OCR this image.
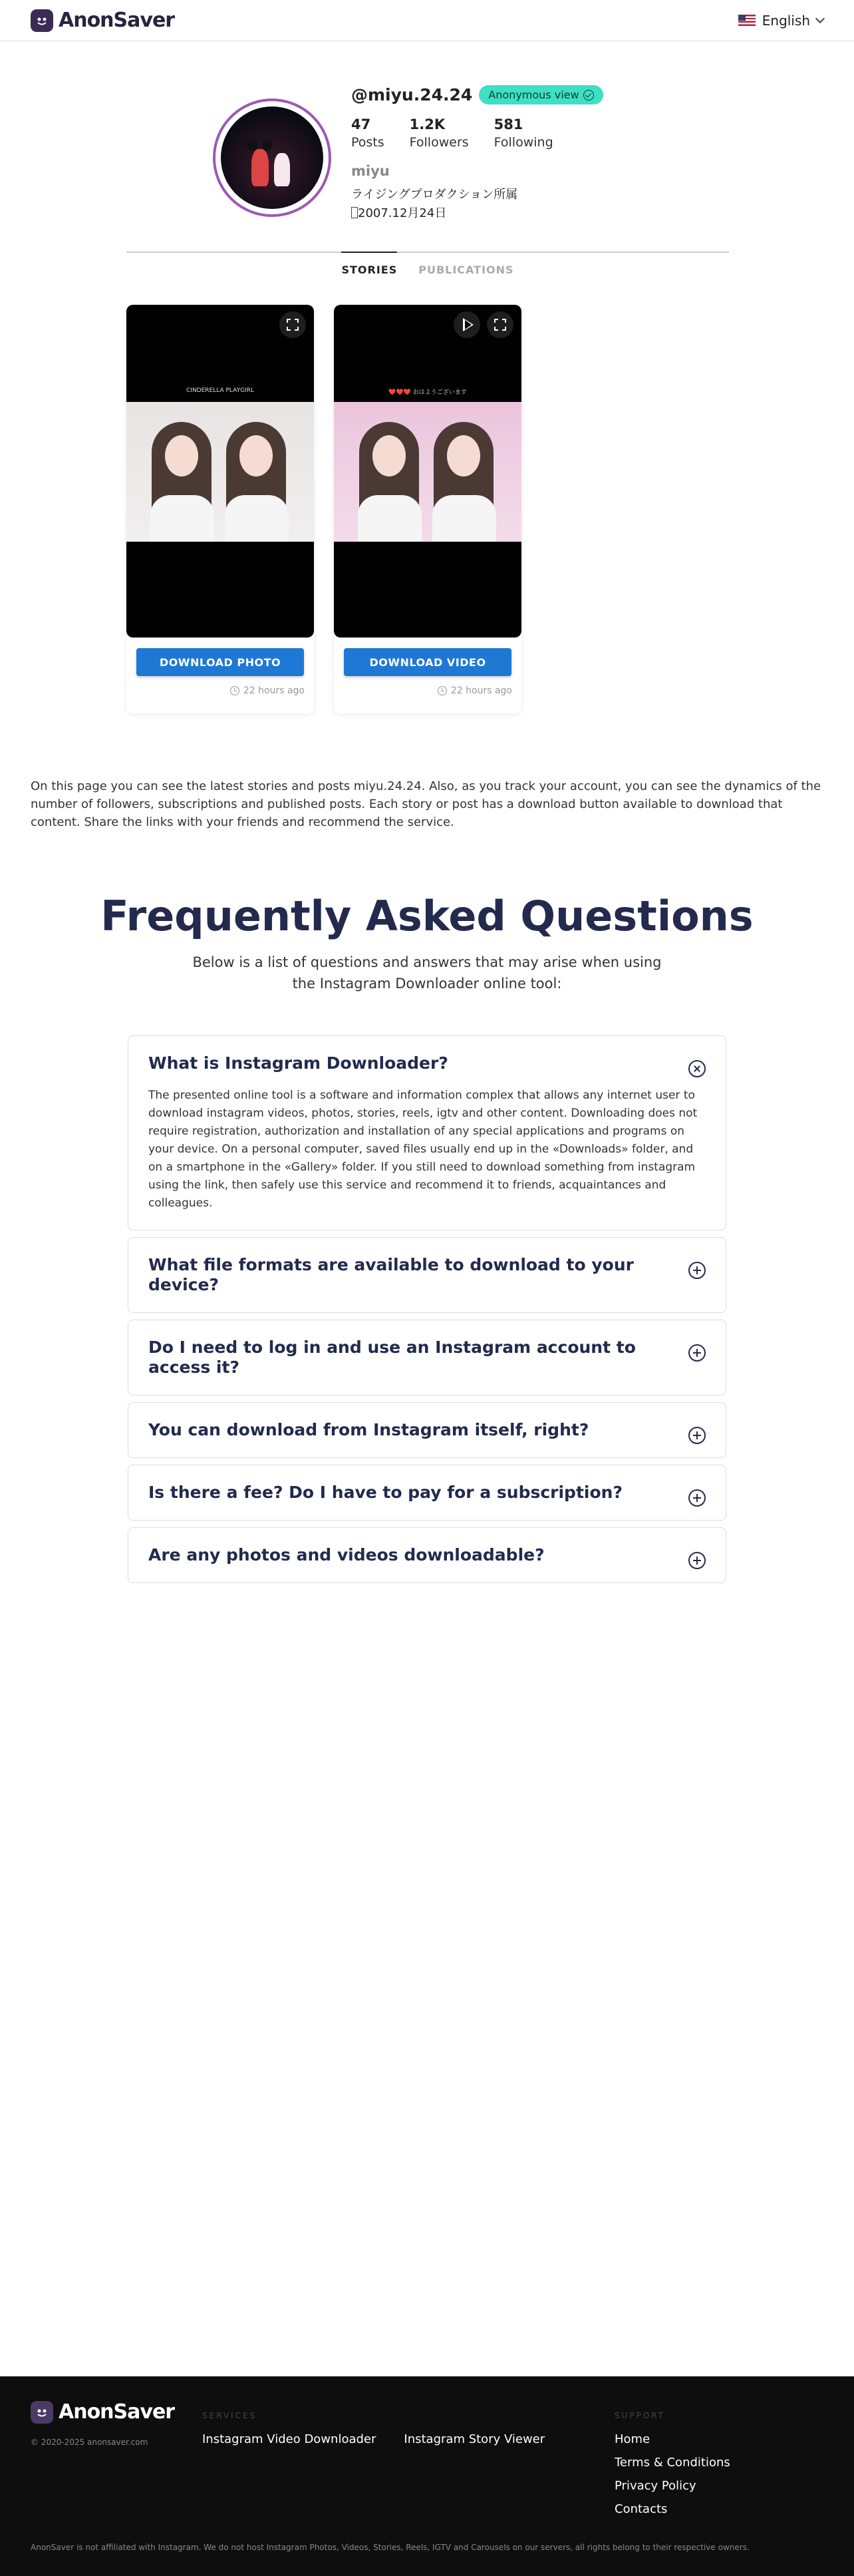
AnonSaver	English
@miyu.24.24 Anonymous view
47
Posts
1.2K
Followers
581
Following
miyu
ライジングプロダクション所属
2007.12月24日
STORIES PUBLICATIONS
CINDERELLA PLAYGIRL
DOWNLOAD PHOTO
22 hours ago
❤️❤️❤️ おはようございます
DOWNLOAD VIDEO
22 hours ago

On this page you can see the latest stories and posts miyu.24.24. Also, as you track your account, you can see the dynamics of the number of followers, subscriptions and published posts. Each story or post has a download button available to download that content. Share the links with your friends and recommend the service.

Frequently Asked Questions

Below is a list of questions and answers that may arise when using the Instagram Downloader online tool:

What is Instagram Downloader?
The presented online tool is a software and information complex that allows any internet user to download instagram videos, photos, stories, reels, igtv and other content. Downloading does not require registration, authorization and installation of any special applications and programs on your device. On a personal computer, saved files usually end up in the «Downloads» folder, and on a smartphone in the «Gallery» folder. If you still need to download something from instagram using the link, then safely use this service and recommend it to friends, acquaintances and colleagues.
What file formats are available to download to your device?
Do I need to log in and use an Instagram account to access it?
You can download from Instagram itself, right?
Is there a fee? Do I have to pay for a subscription?
Are any photos and videos downloadable?
AnonSaver
© 2020-2025 anonsaver.com
SERVICES
Instagram Video Downloader Instagram Story Viewer
SUPPORT
Home
Terms & Conditions
Privacy Policy
Contacts
AnonSaver is not affiliated with Instagram. We do not host Instagram Photos, Videos, Stories, Reels, IGTV and Carousels on our servers, all rights belong to their respective owners.
